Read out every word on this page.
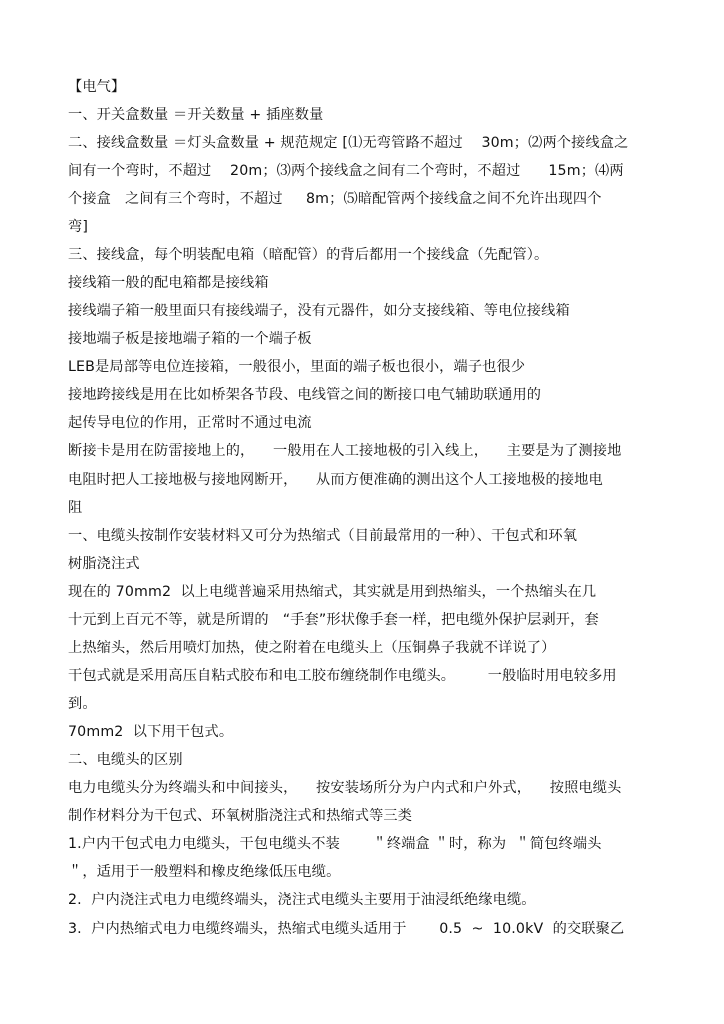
【电气】
一、开关盒数量 ＝开关数量 + 插座数量
二、接线盒数量 ＝灯头盒数量 + 规范规定 [⑴无弯管路不超过    30m；⑵两个接线盒之
间有一个弯时，不超过    20m；⑶两个接线盒之间有二个弯时，不超过      15m；⑷两
个接盒   之间有三个弯时，不超过     8m；⑸暗配管两个接线盒之间不允许出现四个
弯]
三、接线盒，每个明装配电箱（暗配管）的背后都用一个接线盒（先配管）。
接线箱一般的配电箱都是接线箱
接线端子箱一般里面只有接线端子，没有元器件，如分支接线箱、等电位接线箱
接地端子板是接地端子箱的一个端子板
LEB是局部等电位连接箱，一般很小，里面的端子板也很小，端子也很少
接地跨接线是用在比如桥架各节段、电线管之间的断接口电气辅助联通用的
起传导电位的作用，正常时不通过电流
断接卡是用在防雷接地上的，    一般用在人工接地极的引入线上，    主要是为了测接地
电阻时把人工接地极与接地网断开，    从而方便准确的测出这个人工接地极的接地电
阻
一、电缆头按制作安装材料又可分为热缩式（目前最常用的一种）、干包式和环氧
树脂浇注式
现在的 70mm2  以上电缆普遍采用热缩式，其实就是用到热缩头，一个热缩头在几
十元到上百元不等，就是所谓的   “手套”形状像手套一样，把电缆外保护层剥开，套
上热缩头，然后用喷灯加热，使之附着在电缆头上（压铜鼻子我就不详说了）
干包式就是采用高压自粘式胶布和电工胶布缠绕制作电缆头。       一般临时用电较多用
到。
70mm2  以下用干包式。
二、电缆头的区别
电力电缆头分为终端头和中间接头，    按安装场所分为户内式和户外式，    按照电缆头
制作材料分为干包式、环氧树脂浇注式和热缩式等三类
1.户内干包式电力电缆头，干包电缆头不装       ＂终端盒 ＂时，称为  ＂简包终端头
＂，适用于一般塑料和橡皮绝缘低压电缆。
2.  户内浇注式电力电缆终端头，浇注式电缆头主要用于油浸纸绝缘电缆。
3.  户内热缩式电力电缆终端头，热缩式电缆头适用于       0.5  ~  10.0kV  的交联聚乙
